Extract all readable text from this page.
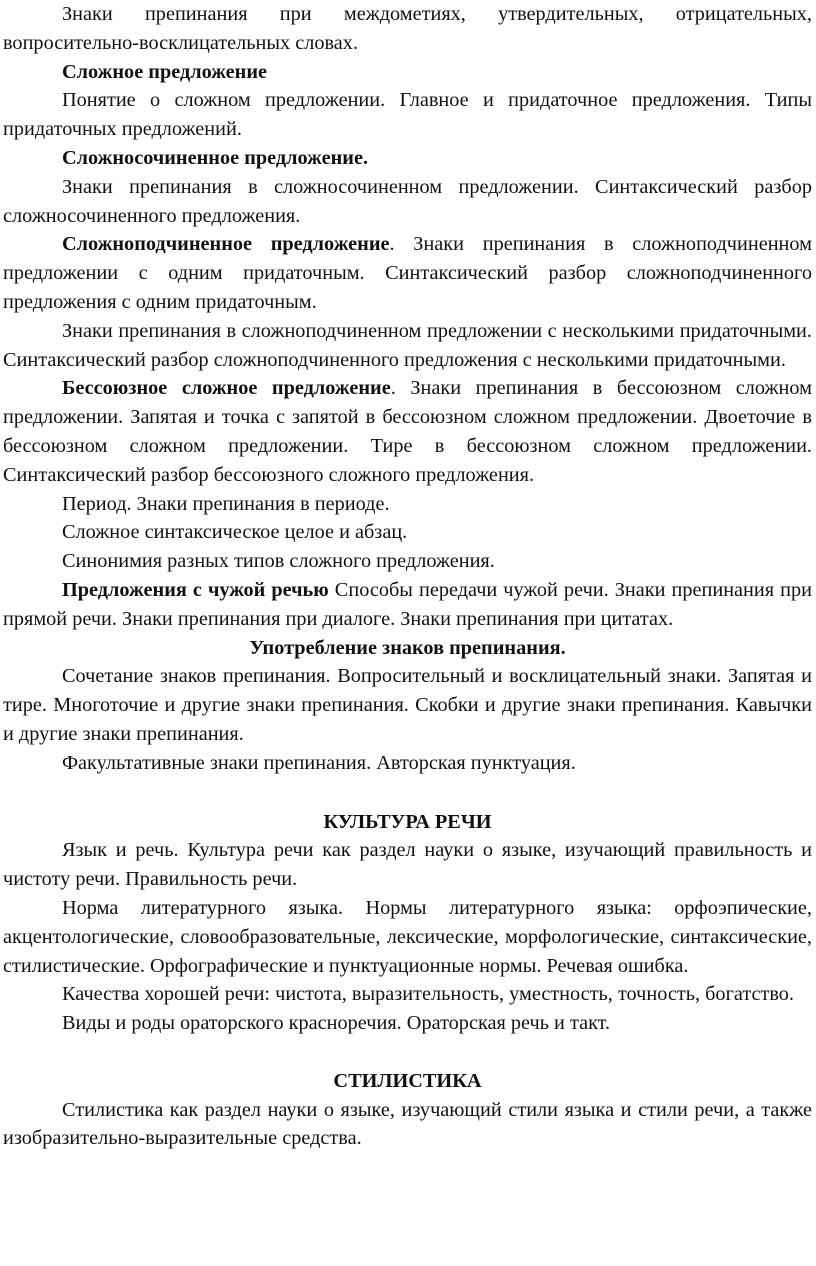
Знаки препинания при междометиях, утвердительных, отрицательных, вопросительно-восклицательных словах.

Сложное предложение

Понятие о сложном предложении. Главное и придаточное предложения. Типы придаточных предложений.

Сложносочиненное предложение.

Знаки препинания в сложносочиненном предложении. Синтаксический разбор сложносочиненного предложения.

Сложноподчиненное предложение. Знаки препинания в сложноподчиненном предложении с одним придаточным. Синтаксический разбор сложноподчиненного предложения с одним придаточным.

Знаки препинания в сложноподчиненном предложении с несколькими придаточными. Синтаксический разбор сложноподчиненного предложения с несколькими придаточными.

Бессоюзное сложное предложение. Знаки препинания в бессоюзном сложном предложении. Запятая и точка с запятой в бессоюзном сложном предложении. Двоеточие в бессоюзном сложном предложении. Тире в бессоюзном сложном предложении. Синтаксический разбор бессоюзного сложного предложения.

Период. Знаки препинания в периоде.

Сложное синтаксическое целое и абзац.

Синонимия разных типов сложного предложения.

Предложения с чужой речью Способы передачи чужой речи. Знаки препинания при прямой речи. Знаки препинания при диалоге. Знаки препинания при цитатах.

Употребление знаков препинания.

Сочетание знаков препинания. Вопросительный и восклицательный знаки. Запятая и тире. Многоточие и другие знаки препинания. Скобки и другие знаки препинания. Кавычки и другие знаки препинания.

Факультативные знаки препинания. Авторская пунктуация.

КУЛЬТУРА РЕЧИ

Язык и речь. Культура речи как раздел науки о языке, изучающий правильность и чистоту речи. Правильность речи.

Норма литературного языка. Нормы литературного языка: орфоэпические, акцентологические, словообразовательные, лексические, морфологические, синтаксические, стилистические. Орфографические и пунктуационные нормы. Речевая ошибка.

Качества хорошей речи: чистота, выразительность, уместность, точность, богатство.

Виды и роды ораторского красноречия. Ораторская речь и такт.

СТИЛИСТИКА

Стилистика как раздел науки о языке, изучающий стили языка и стили речи, а также изобразительно-выразительные средства.
